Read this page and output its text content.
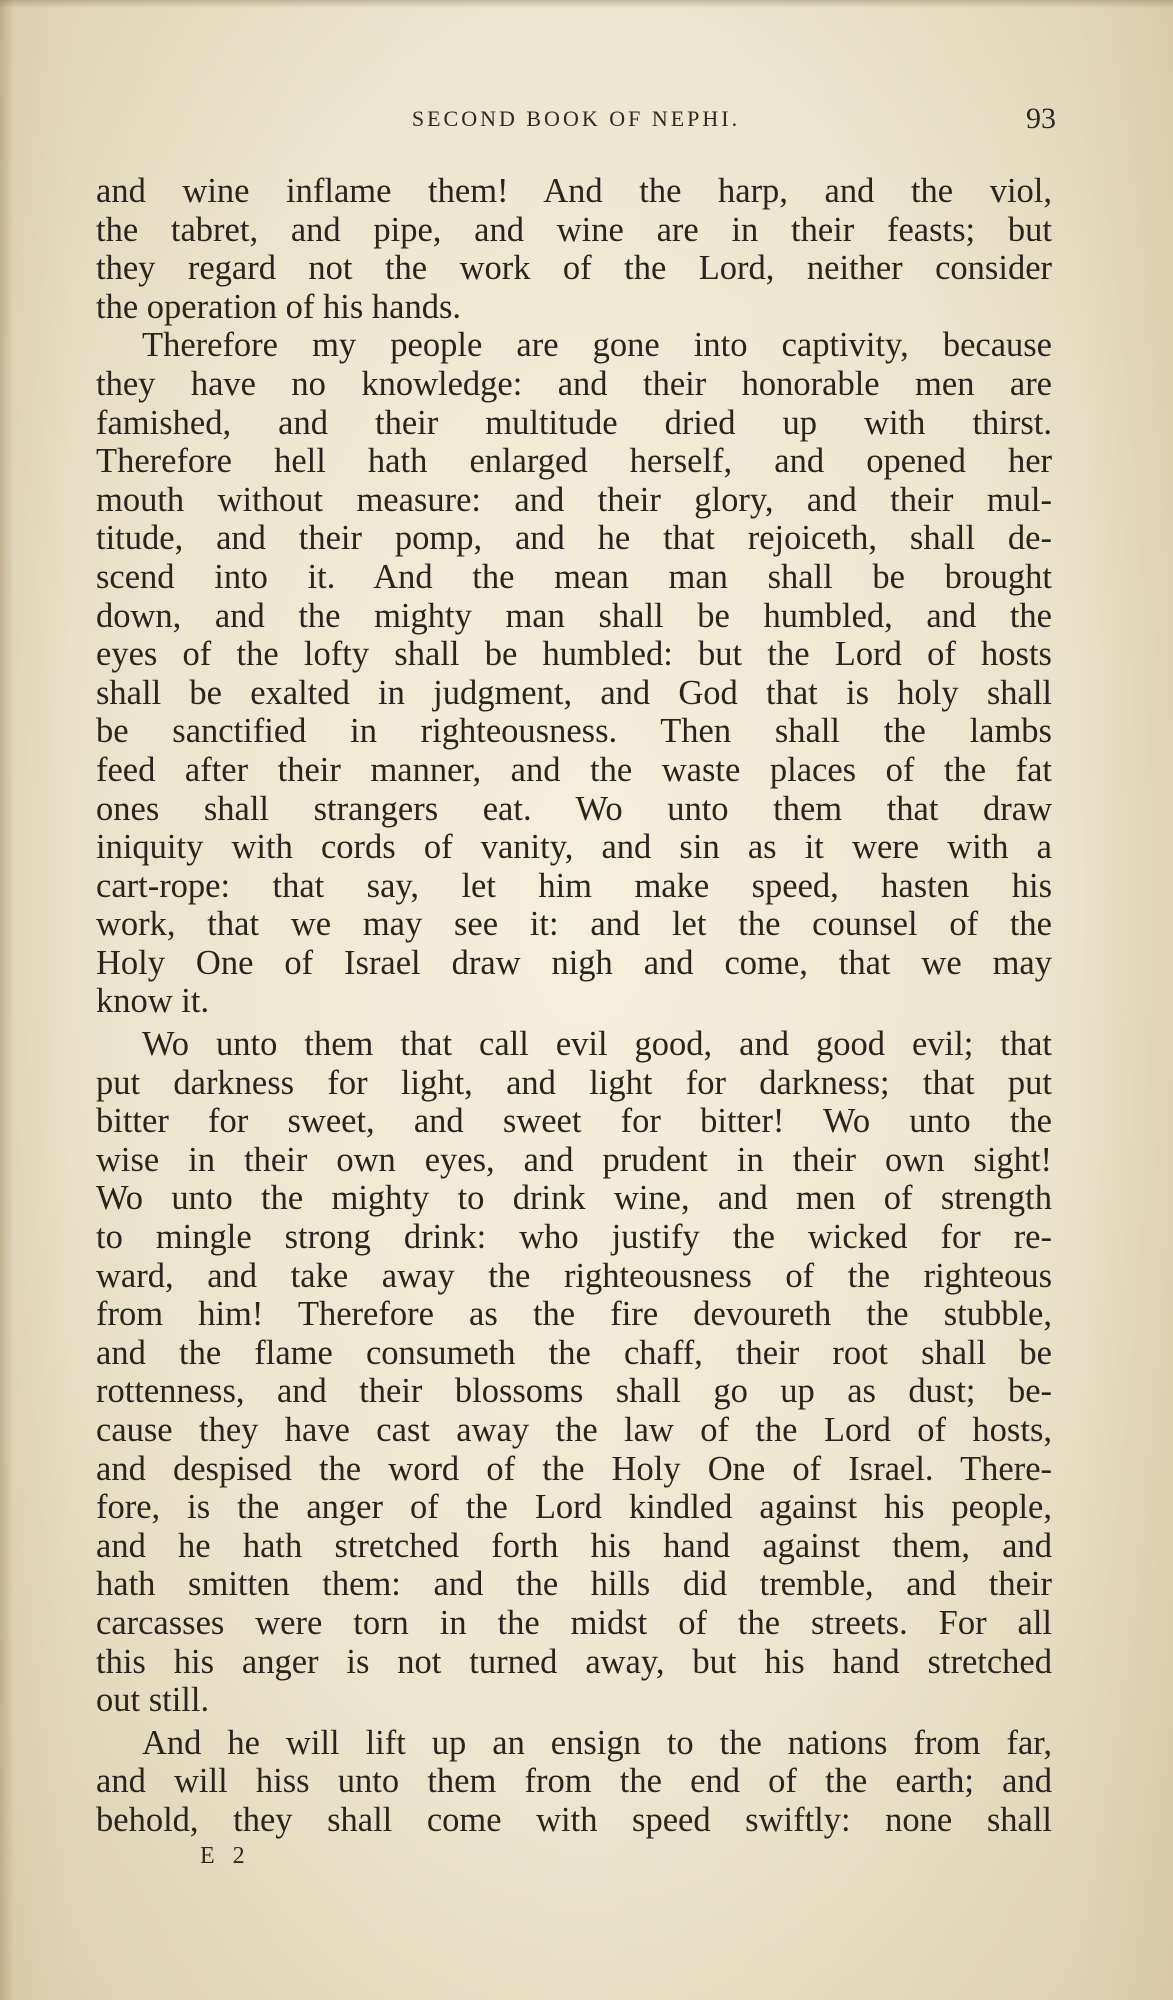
SECOND BOOK OF NEPHI.	93

and wine inflame them! And the harp, and the viol,

the tabret, and pipe, and wine are in their feasts; but

they regard not the work of the Lord, neither consider

the operation of his hands.

Therefore my people are gone into captivity, because

they have no knowledge: and their honorable men are

famished, and their multitude dried up with thirst.

Therefore hell hath enlarged herself, and opened her

mouth without measure: and their glory, and their mul-

titude, and their pomp, and he that rejoiceth, shall de-

scend into it. And the mean man shall be brought

down, and the mighty man shall be humbled, and the

eyes of the lofty shall be humbled: but the Lord of hosts

shall be exalted in judgment, and God that is holy shall

be sanctified in righteousness. Then shall the lambs

feed after their manner, and the waste places of the fat

ones shall strangers eat. Wo unto them that draw

iniquity with cords of vanity, and sin as it were with a

cart-rope: that say, let him make speed, hasten his

work, that we may see it: and let the counsel of the

Holy One of Israel draw nigh and come, that we may

know it.

Wo unto them that call evil good, and good evil; that

put darkness for light, and light for darkness; that put

bitter for sweet, and sweet for bitter! Wo unto the

wise in their own eyes, and prudent in their own sight!

Wo unto the mighty to drink wine, and men of strength

to mingle strong drink: who justify the wicked for re-

ward, and take away the righteousness of the righteous

from him! Therefore as the fire devoureth the stubble,

and the flame consumeth the chaff, their root shall be

rottenness, and their blossoms shall go up as dust; be-

cause they have cast away the law of the Lord of hosts,

and despised the word of the Holy One of Israel. There-

fore, is the anger of the Lord kindled against his people,

and he hath stretched forth his hand against them, and

hath smitten them: and the hills did tremble, and their

carcasses were torn in the midst of the streets. For all

this his anger is not turned away, but his hand stretched

out still.

And he will lift up an ensign to the nations from far,

and will hiss unto them from the end of the earth; and

behold, they shall come with speed swiftly: none shall

E 2
